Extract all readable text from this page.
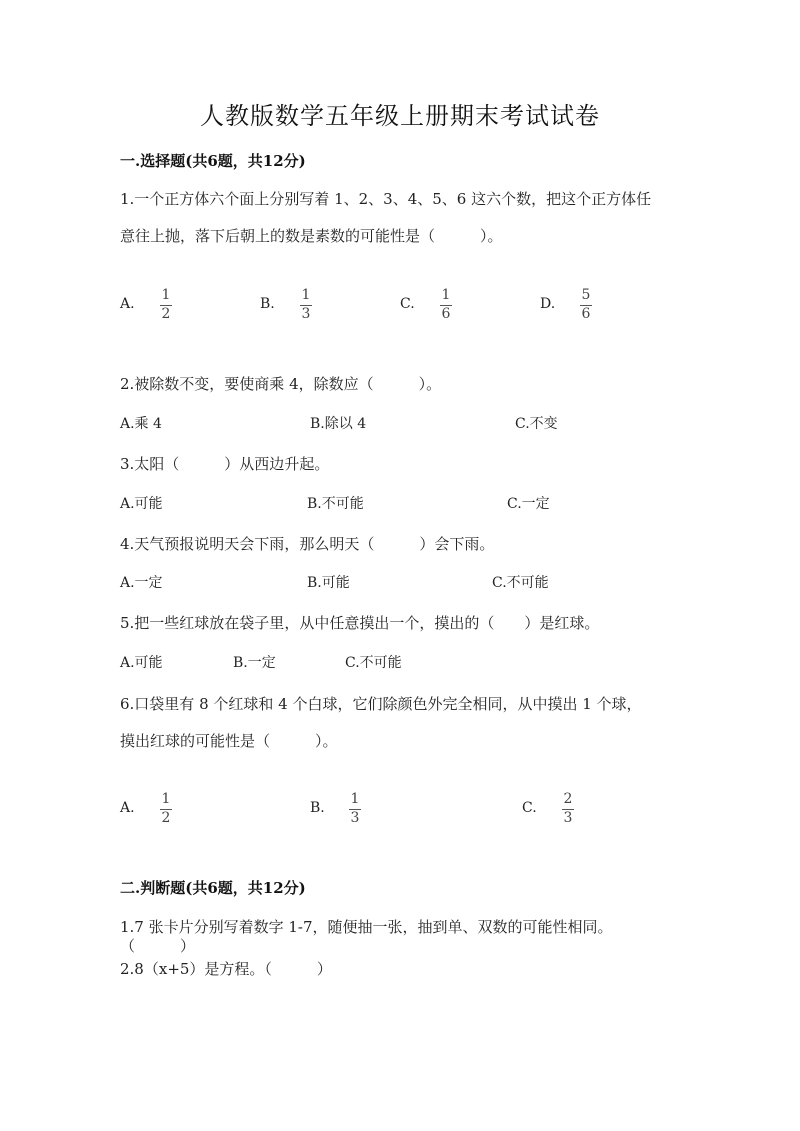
人教版数学五年级上册期末考试试卷
一.选择题(共6题，共12分)
1.一个正方体六个面上分别写着 1、2、3、4、5、6 这六个数，把这个正方体任
意往上抛，落下后朝上的数是素数的可能性是（　　　）。
A.
1
2
B.
1
3
C.
1
6
D.
5
6
2.被除数不变，要使商乘 4，除数应（　　　）。
A.乘 4	B.除以 4	C.不变
3.太阳（　　　）从西边升起。
A.可能	B.不可能	C.一定
4.天气预报说明天会下雨，那么明天（　　　）会下雨。
A.一定	B.可能	C.不可能
5.把一些红球放在袋子里，从中任意摸出一个，摸出的（　　）是红球。
A.可能	B.一定	C.不可能
6.口袋里有 8 个红球和 4 个白球，它们除颜色外完全相同，从中摸出 1 个球，
摸出红球的可能性是（　　　）。
A.
1
2
B.
1
3
C.
2
3
二.判断题(共6题，共12分)
1.7 张卡片分别写着数字 1-7，随便抽一张，抽到单、双数的可能性相同。
（　　　）
2.8（x+5）是方程。（　　　）
